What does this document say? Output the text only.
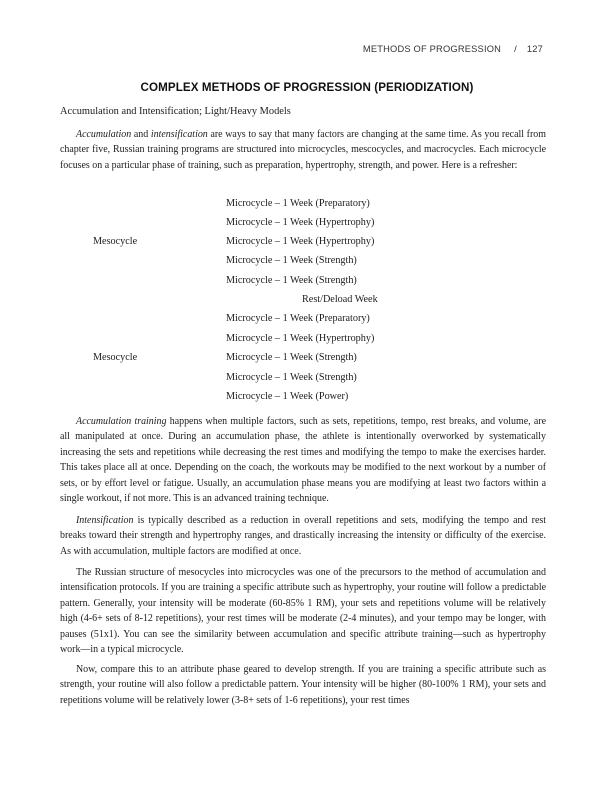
METHODS OF PROGRESSION / 127
COMPLEX METHODS OF PROGRESSION (PERIODIZATION)
Accumulation and Intensification; Light/Heavy Models

Accumulation and intensification are ways to say that many factors are changing at the same time. As you recall from chapter five, Russian training programs are structured into microcycles, mescocycles, and macrocycles. Each microcycle focuses on a particular phase of training, such as preparation, hypertrophy, strength, and power. Here is a refresher:

Microcycle – 1 Week (Preparatory)
Microcycle – 1 Week (Hypertrophy)
Mesocycle	Microcycle – 1 Week (Hypertrophy)
Microcycle – 1 Week (Strength)
Microcycle – 1 Week (Strength)
Rest/Deload Week
Microcycle – 1 Week (Preparatory)
Microcycle – 1 Week (Hypertrophy)
Mesocycle	Microcycle – 1 Week (Strength)
Microcycle – 1 Week (Strength)
Microcycle – 1 Week (Power)

Accumulation training happens when multiple factors, such as sets, repetitions, tempo, rest breaks, and volume, are all manipulated at once. During an accumulation phase, the athlete is intentionally overworked by systematically increasing the sets and repetitions while decreasing the rest times and modifying the tempo to make the exercises harder. This takes place all at once. Depending on the coach, the workouts may be modified to the next workout by a number of sets, or by effort level or fatigue. Usually, an accumulation phase means you are modifying at least two factors within a single workout, if not more. This is an advanced training technique.

Intensification is typically described as a reduction in overall repetitions and sets, modifying the tempo and rest breaks toward their strength and hypertrophy ranges, and drastically increasing the intensity or difficulty of the exercise. As with accumulation, multiple factors are modified at once.

The Russian structure of mesocycles into microcycles was one of the precursors to the method of accumulation and intensification protocols. If you are training a specific attribute such as hypertrophy, your routine will follow a predictable pattern. Generally, your intensity will be moderate (60-85% 1 RM), your sets and repetitions volume will be relatively high (4-6+ sets of 8-12 repetitions), your rest times will be moderate (2-4 minutes), and your tempo may be longer, with pauses (51x1). You can see the similarity between accumulation and specific attribute training—such as hypertrophy work—in a typical microcycle.

Now, compare this to an attribute phase geared to develop strength. If you are training a specific attribute such as strength, your routine will also follow a predictable pattern. Your intensity will be higher (80-100% 1 RM), your sets and repetitions volume will be relatively lower (3-8+ sets of 1-6 repetitions), your rest times
